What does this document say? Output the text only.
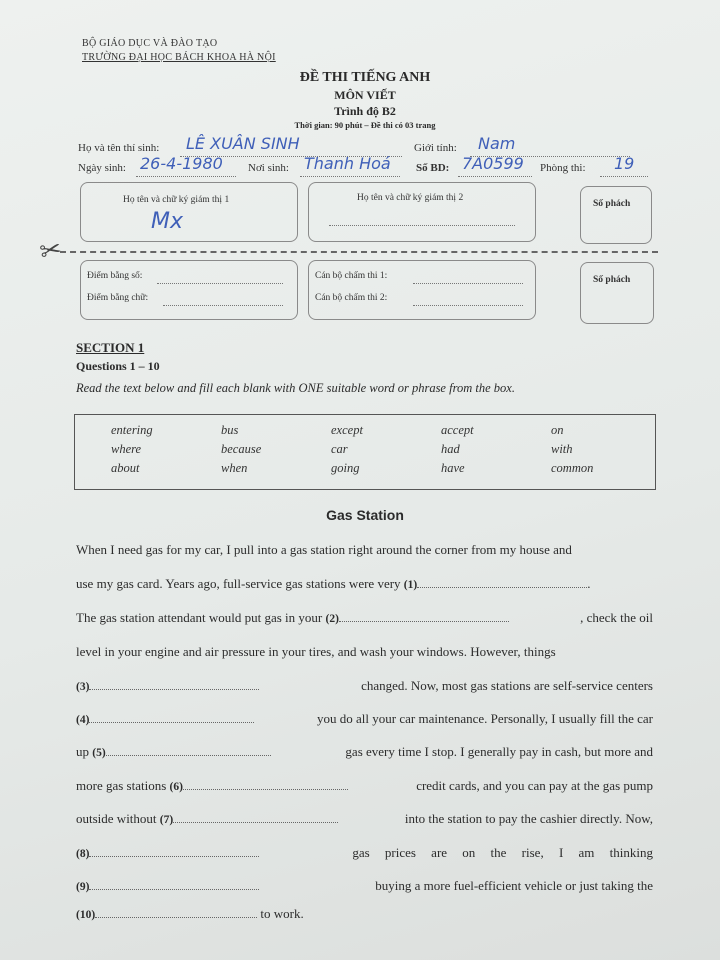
BỘ GIÁO DỤC VÀ ĐÀO TẠO
TRƯỜNG ĐẠI HỌC BÁCH KHOA HÀ NỘI
ĐỀ THI TIẾNG ANH
MÔN VIẾT
Trình độ B2
Thời gian: 90 phút – Đề thi có 03 trang
Họ và tên thí sinh: LÊ XUÂN SINH	Giới tính: Nam
Ngày sinh: 26-4-1980 Nơi sinh: Thanh Hoá Số BD: 7A0599 Phòng thi: 19
Họ tên và chữ ký giám thị 1
Mx
Họ tên và chữ ký giám thị 2
Số phách
✂
Điểm bằng số:
Điểm bằng chữ:
Cán bộ chấm thi 1:
Cán bộ chấm thi 2:
Số phách
SECTION 1
Questions 1 – 10
Read the text below and fill each blank with ONE suitable word or phrase from the box.
entering	bus	except	accept	on
where	because	car	had	with
about	when	going	have	common
Gas Station
When I need gas for my car, I pull into a gas station right around the corner from my house and
use my gas card. Years ago, full-service gas stations were very (1)	.
The gas station attendant would put gas in your (2)	, check the oil
level in your engine and air pressure in your tires, and wash your windows. However, things
(3)	changed. Now, most gas stations are self-service centers
(4)	you do all your car maintenance. Personally, I usually fill the car
up (5)	gas every time I stop. I generally pay in cash, but more and
more gas stations (6)	credit cards, and you can pay at the gas pump
outside without (7)	into the station to pay the cashier directly. Now,
(8)	gas prices are on the rise, I am thinking
(9)	buying a more fuel-efficient vehicle or just taking the
(10)	to work.
